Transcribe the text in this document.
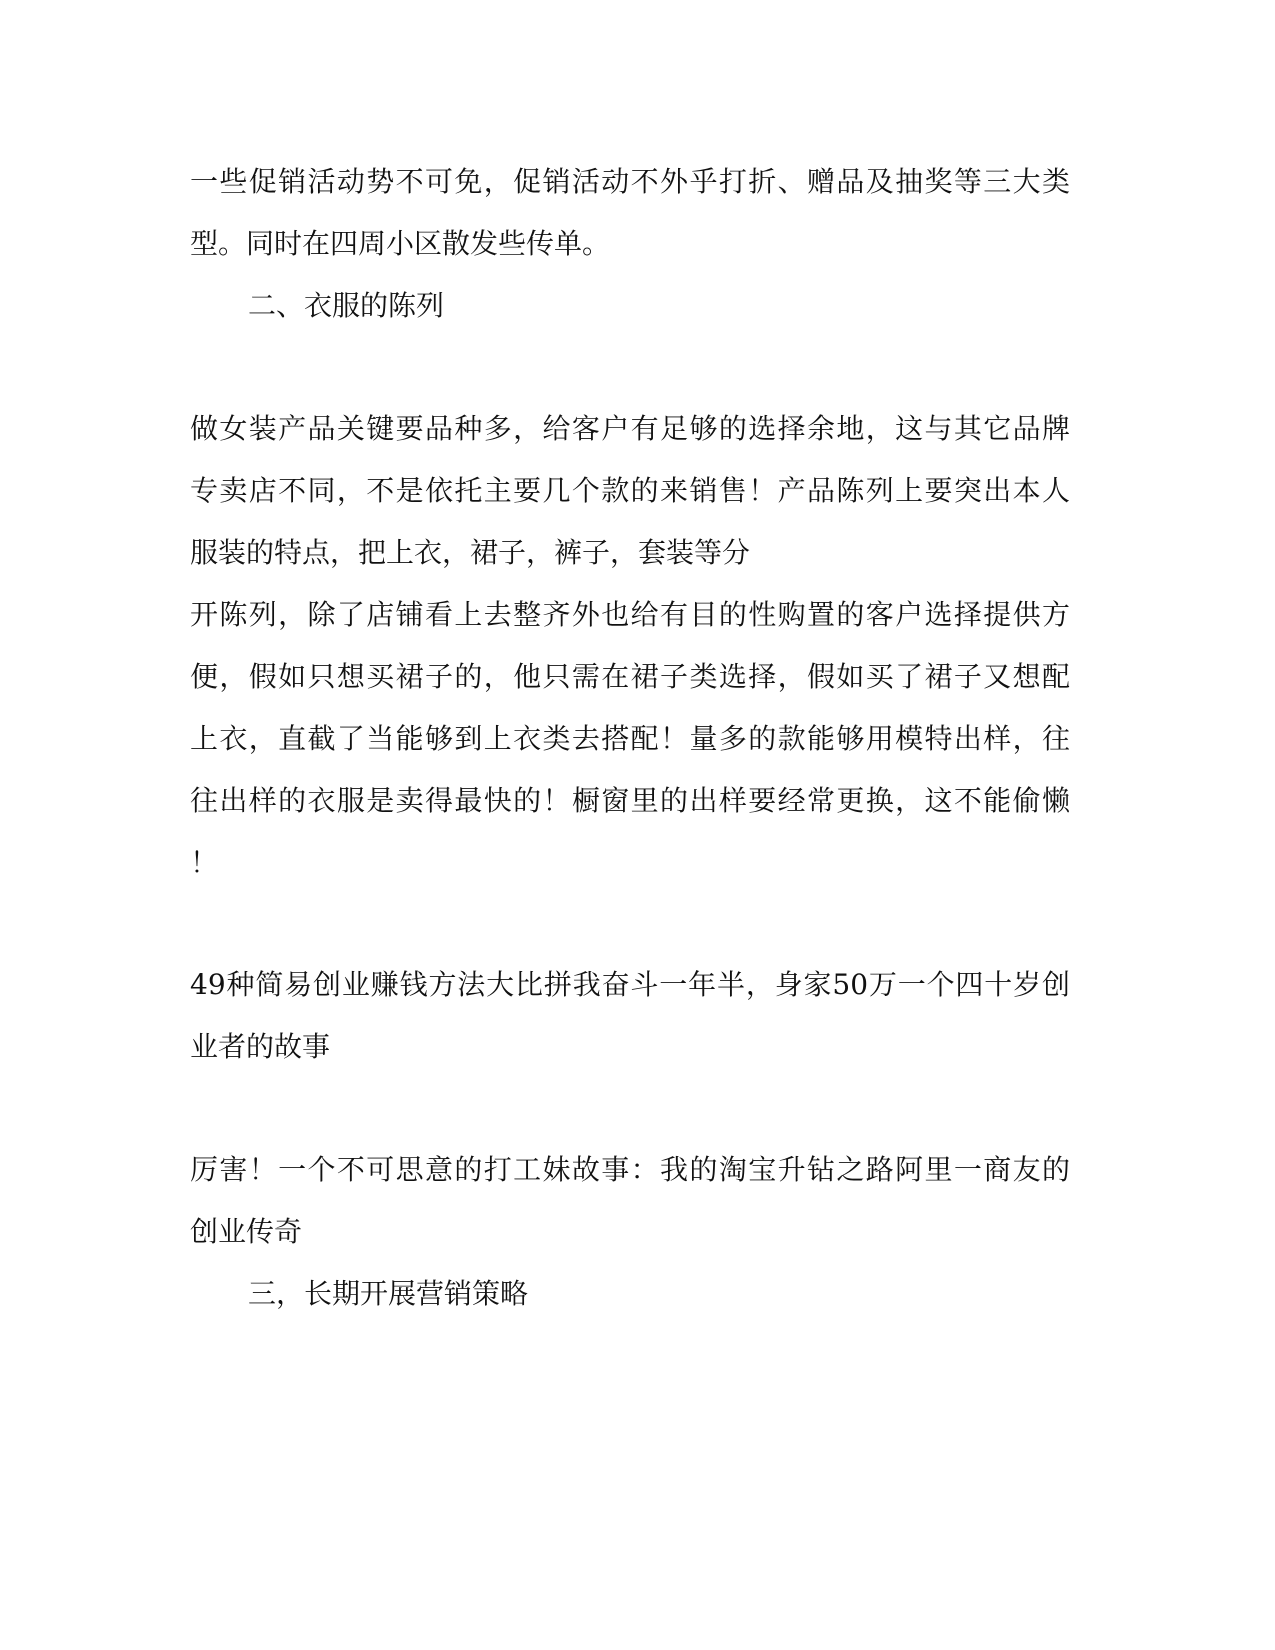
一些促销活动势不可免，促销活动不外乎打折、赠品及抽奖等三大类
型。同时在四周小区散发些传单。
二、衣服的陈列
做女装产品关键要品种多，给客户有足够的选择余地，这与其它品牌
专卖店不同，不是依托主要几个款的来销售！产品陈列上要突出本人
服装的特点，把上衣，裙子，裤子，套装等分
开陈列，除了店铺看上去整齐外也给有目的性购置的客户选择提供方
便，假如只想买裙子的，他只需在裙子类选择，假如买了裙子又想配
上衣，直截了当能够到上衣类去搭配！量多的款能够用模特出样，往
往出样的衣服是卖得最快的！橱窗里的出样要经常更换，这不能偷懒
！
49种简易创业赚钱方法大比拼我奋斗一年半，身家50万一个四十岁创
业者的故事
厉害！一个不可思意的打工妹故事：我的淘宝升钻之路阿里一商友的
创业传奇
三，长期开展营销策略
